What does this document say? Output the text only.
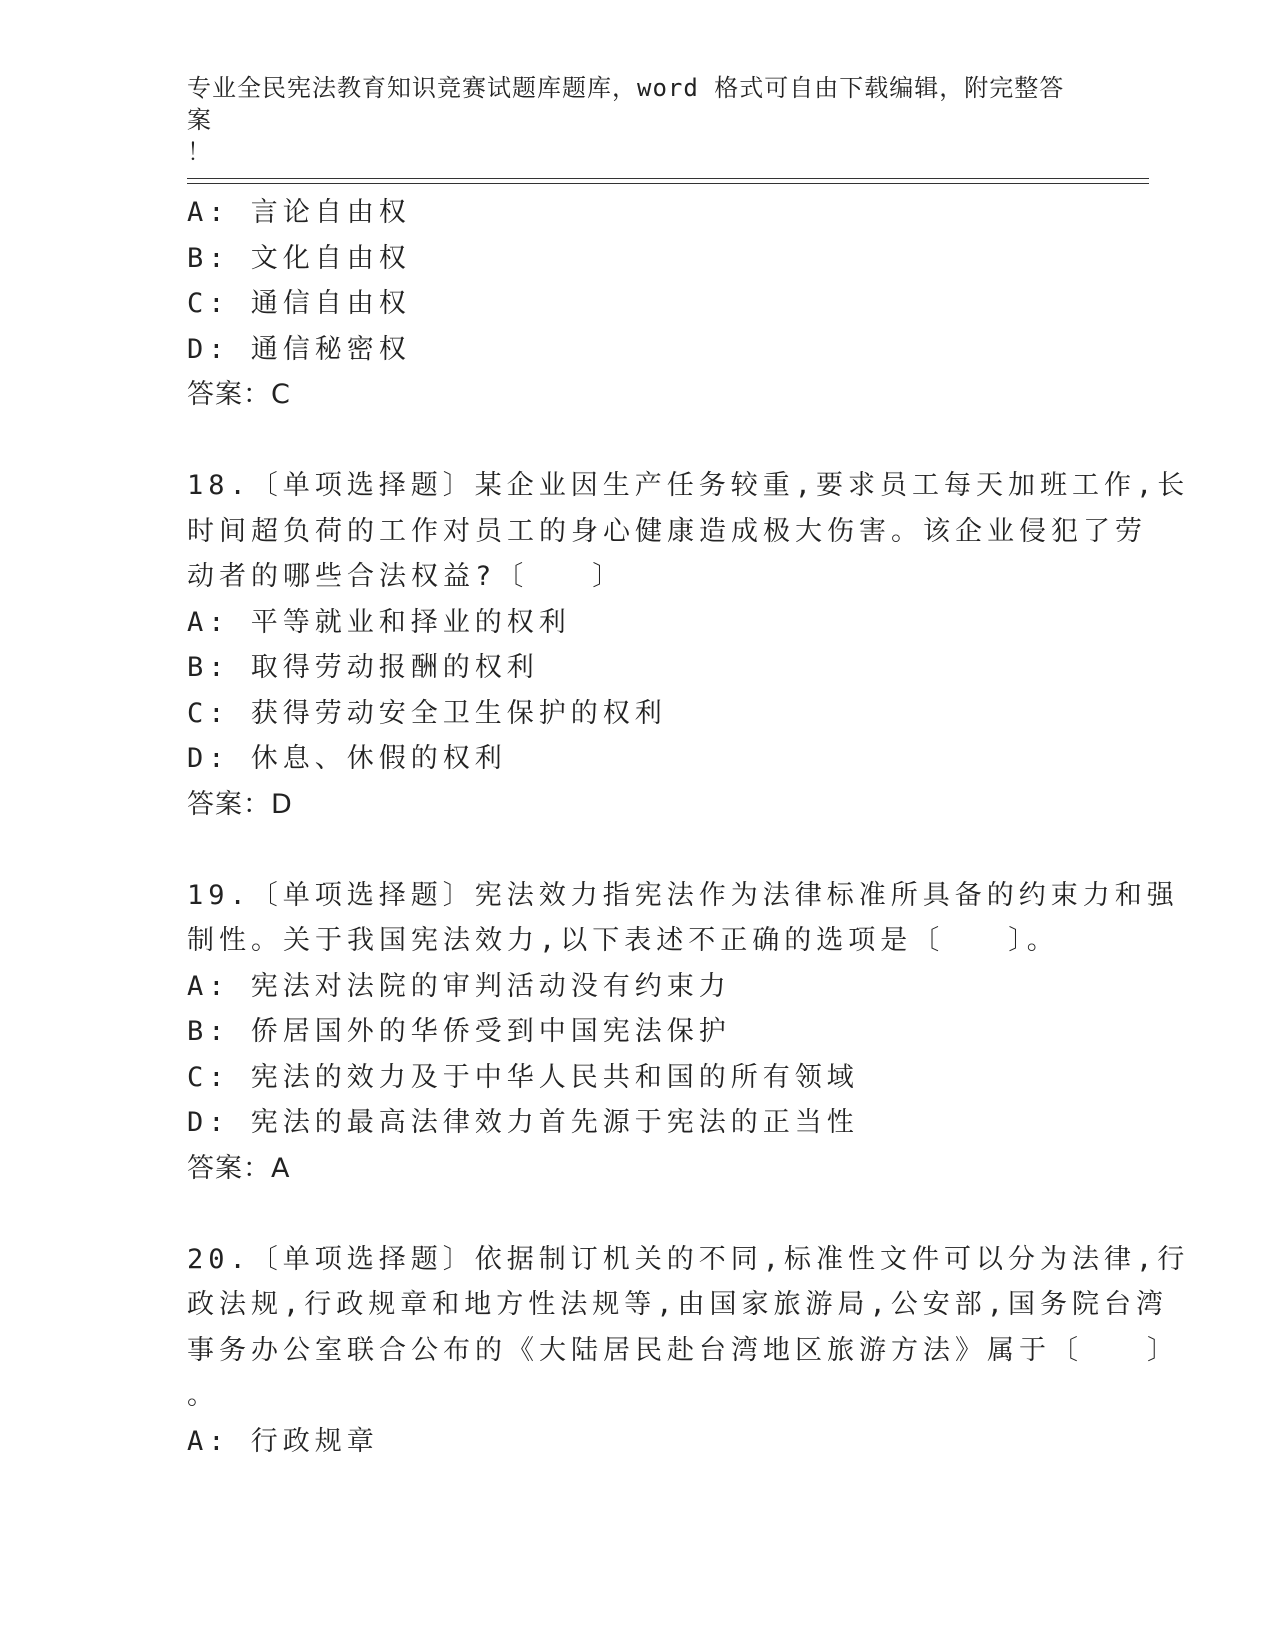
专业全民宪法教育知识竞赛试题库题库，word 格式可自由下载编辑，附完整答案
！
A: 言论自由权
B: 文化自由权
C: 通信自由权
D: 通信秘密权
答案：C
18.〔单项选择题〕某企业因生产任务较重,要求员工每天加班工作,长
时间超负荷的工作对员工的身心健康造成极大伤害。该企业侵犯了劳
动者的哪些合法权益?〔　　〕
A: 平等就业和择业的权利
B: 取得劳动报酬的权利
C: 获得劳动安全卫生保护的权利
D: 休息、休假的权利
答案：D
19.〔单项选择题〕宪法效力指宪法作为法律标准所具备的约束力和强
制性。关于我国宪法效力,以下表述不正确的选项是〔　　〕。
A: 宪法对法院的审判活动没有约束力
B: 侨居国外的华侨受到中国宪法保护
C: 宪法的效力及于中华人民共和国的所有领域
D: 宪法的最高法律效力首先源于宪法的正当性
答案：A
20.〔单项选择题〕依据制订机关的不同,标准性文件可以分为法律,行
政法规,行政规章和地方性法规等,由国家旅游局,公安部,国务院台湾
事务办公室联合公布的《大陆居民赴台湾地区旅游方法》属于〔　　〕
。
A: 行政规章
